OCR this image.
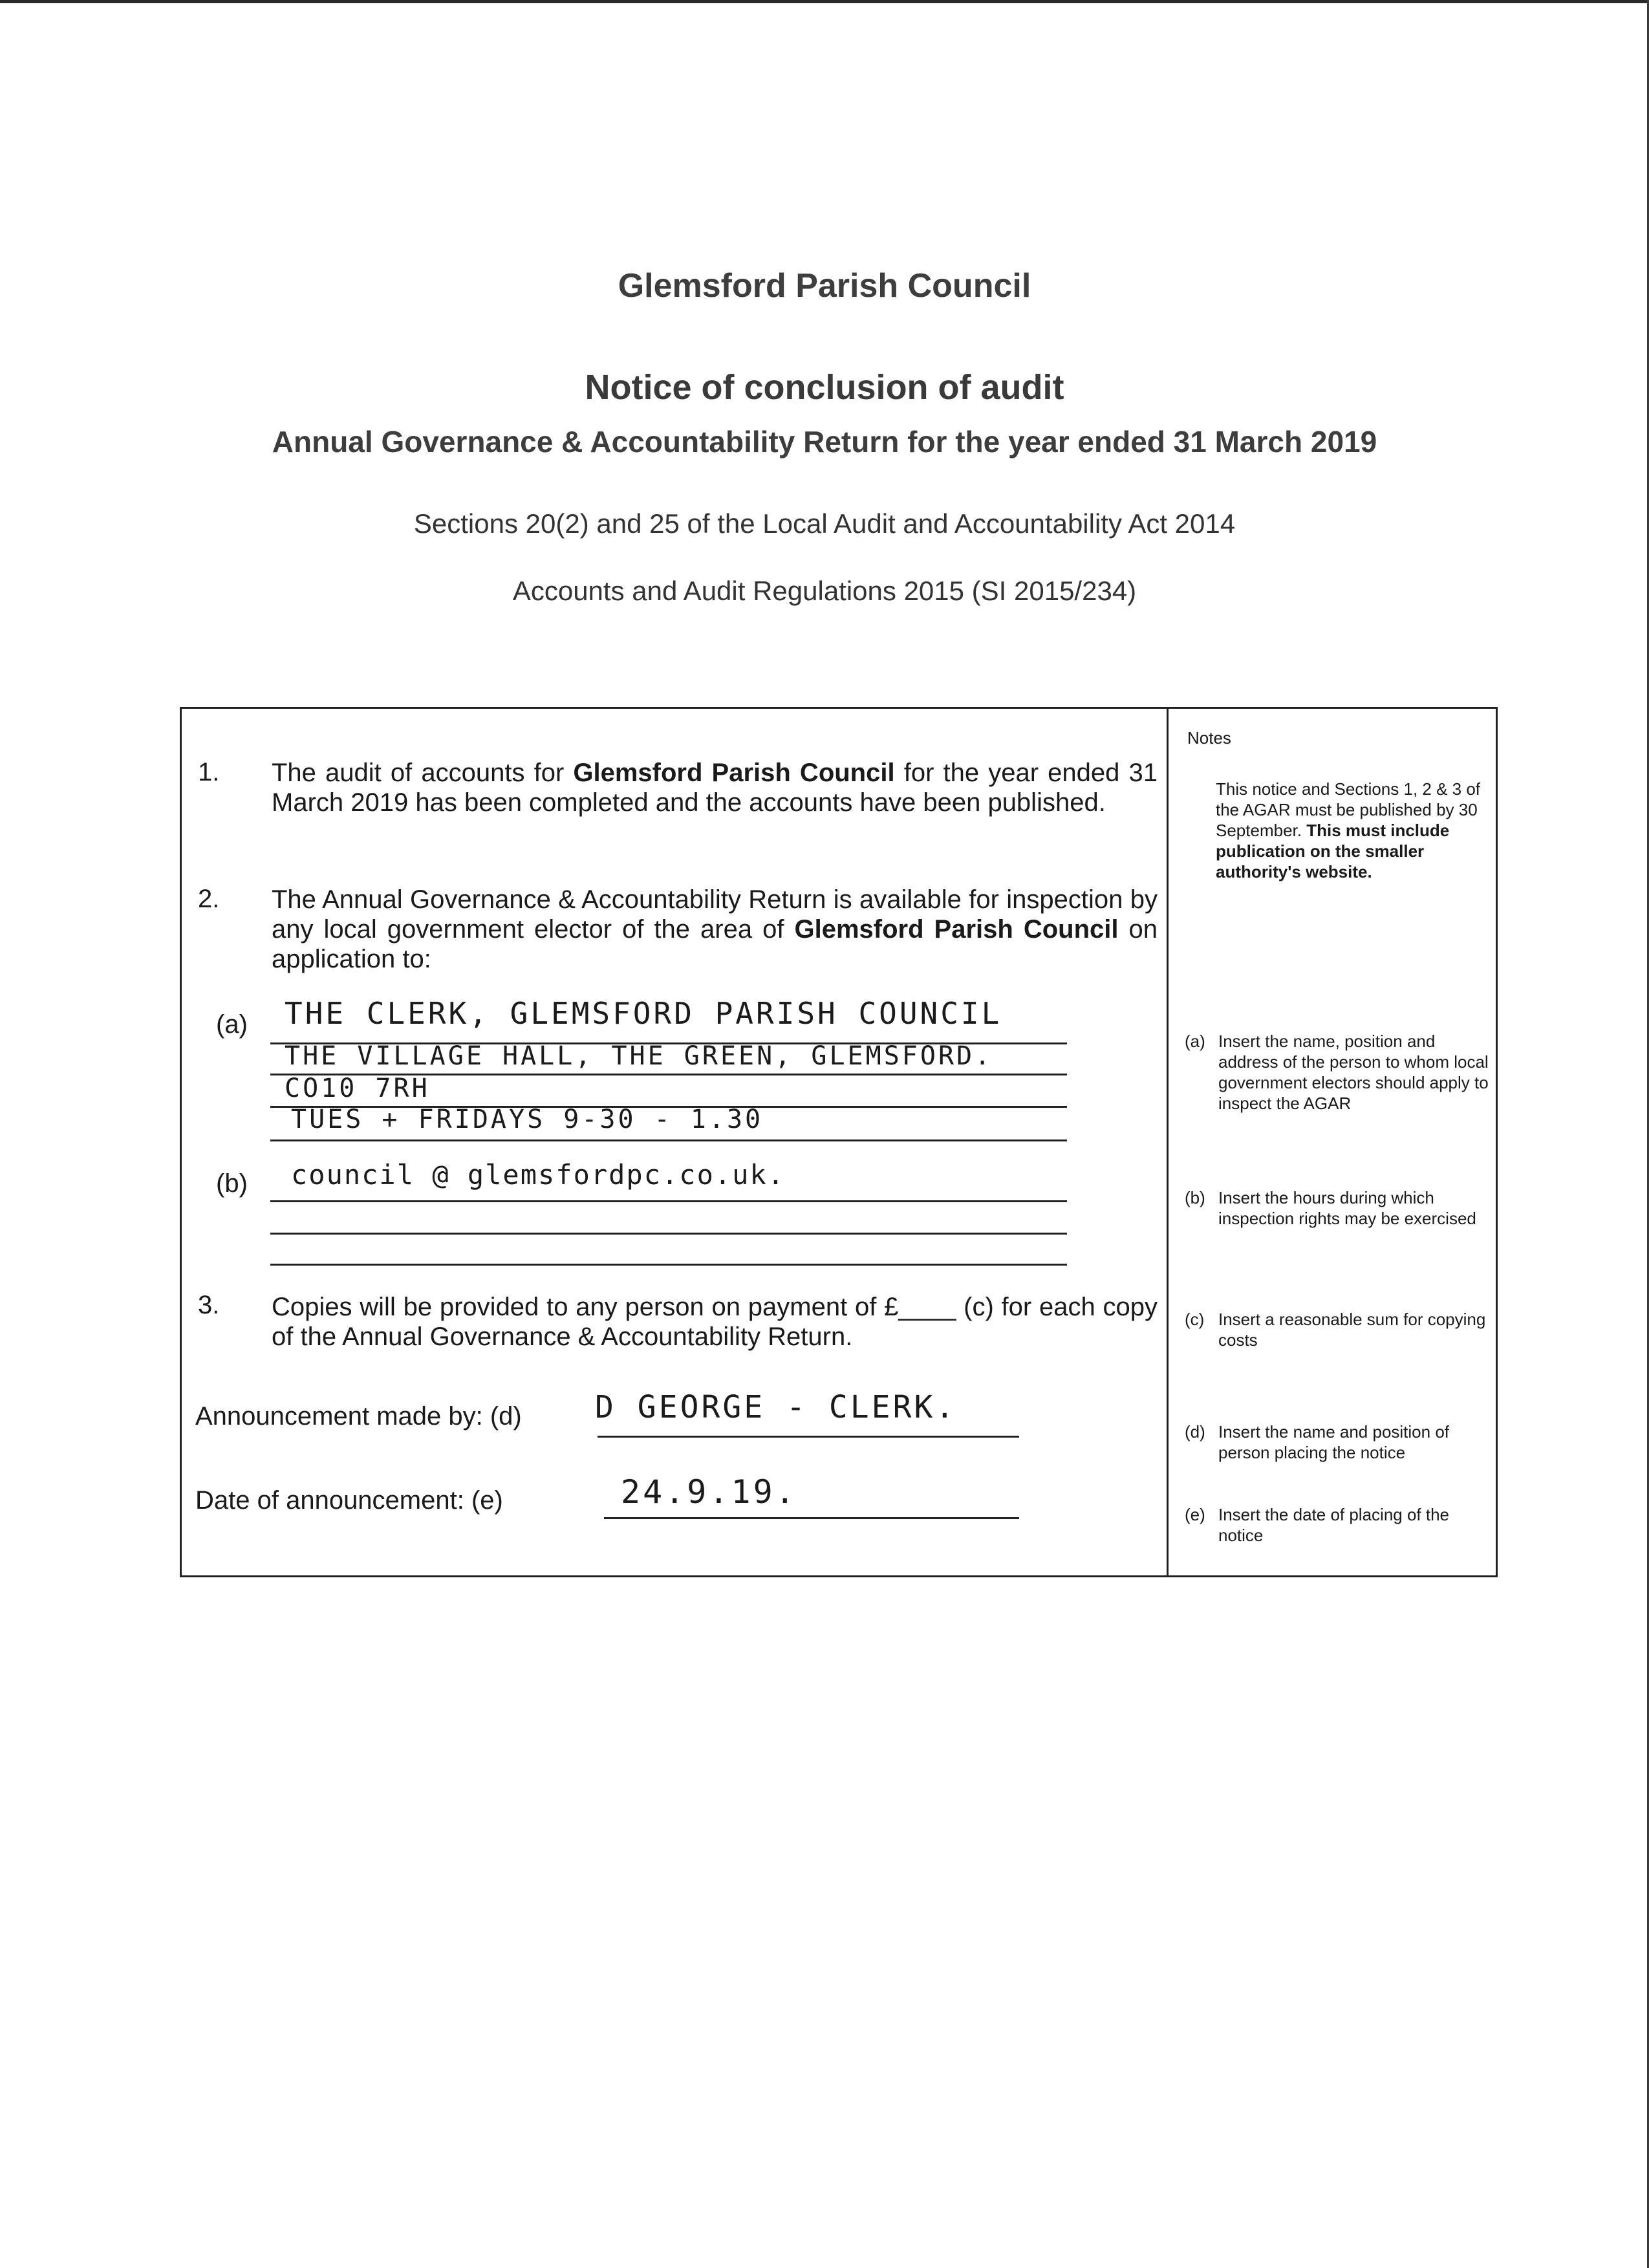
Glemsford Parish Council
Notice of conclusion of audit
Annual Governance & Accountability Return for the year ended 31 March 2019
Sections 20(2) and 25 of the Local Audit and Accountability Act 2014
Accounts and Audit Regulations 2015 (SI 2015/234)
1. The audit of accounts for Glemsford Parish Council for the year ended 31 March 2019 has been completed and the accounts have been published.
2. The Annual Governance & Accountability Return is available for inspection by any local government elector of the area of Glemsford Parish Council on application to:
(a) THE CLERK, GLEMSFORD PARISH COUNCIL
THE VILLAGE HALL, THE GREEN, GLEMSFORD.
CO10 7RH
TUES + FRIDAYS 9-30 - 1.30
(b) council @ glemsfordpc.co.uk.
3. Copies will be provided to any person on payment of £____ (c) for each copy of the Annual Governance & Accountability Return.
Announcement made by: (d) D GEORGE - CLERK.
Date of announcement: (e)	24.9.19.
Notes
This notice and Sections 1, 2 & 3 of the AGAR must be published by 30 September. This must include publication on the smaller authority's website.
(a) Insert the name, position and address of the person to whom local government electors should apply to inspect the AGAR
(b) Insert the hours during which inspection rights may be exercised
(c) Insert a reasonable sum for copying costs
(d) Insert the name and position of person placing the notice
(e) Insert the date of placing of the notice
